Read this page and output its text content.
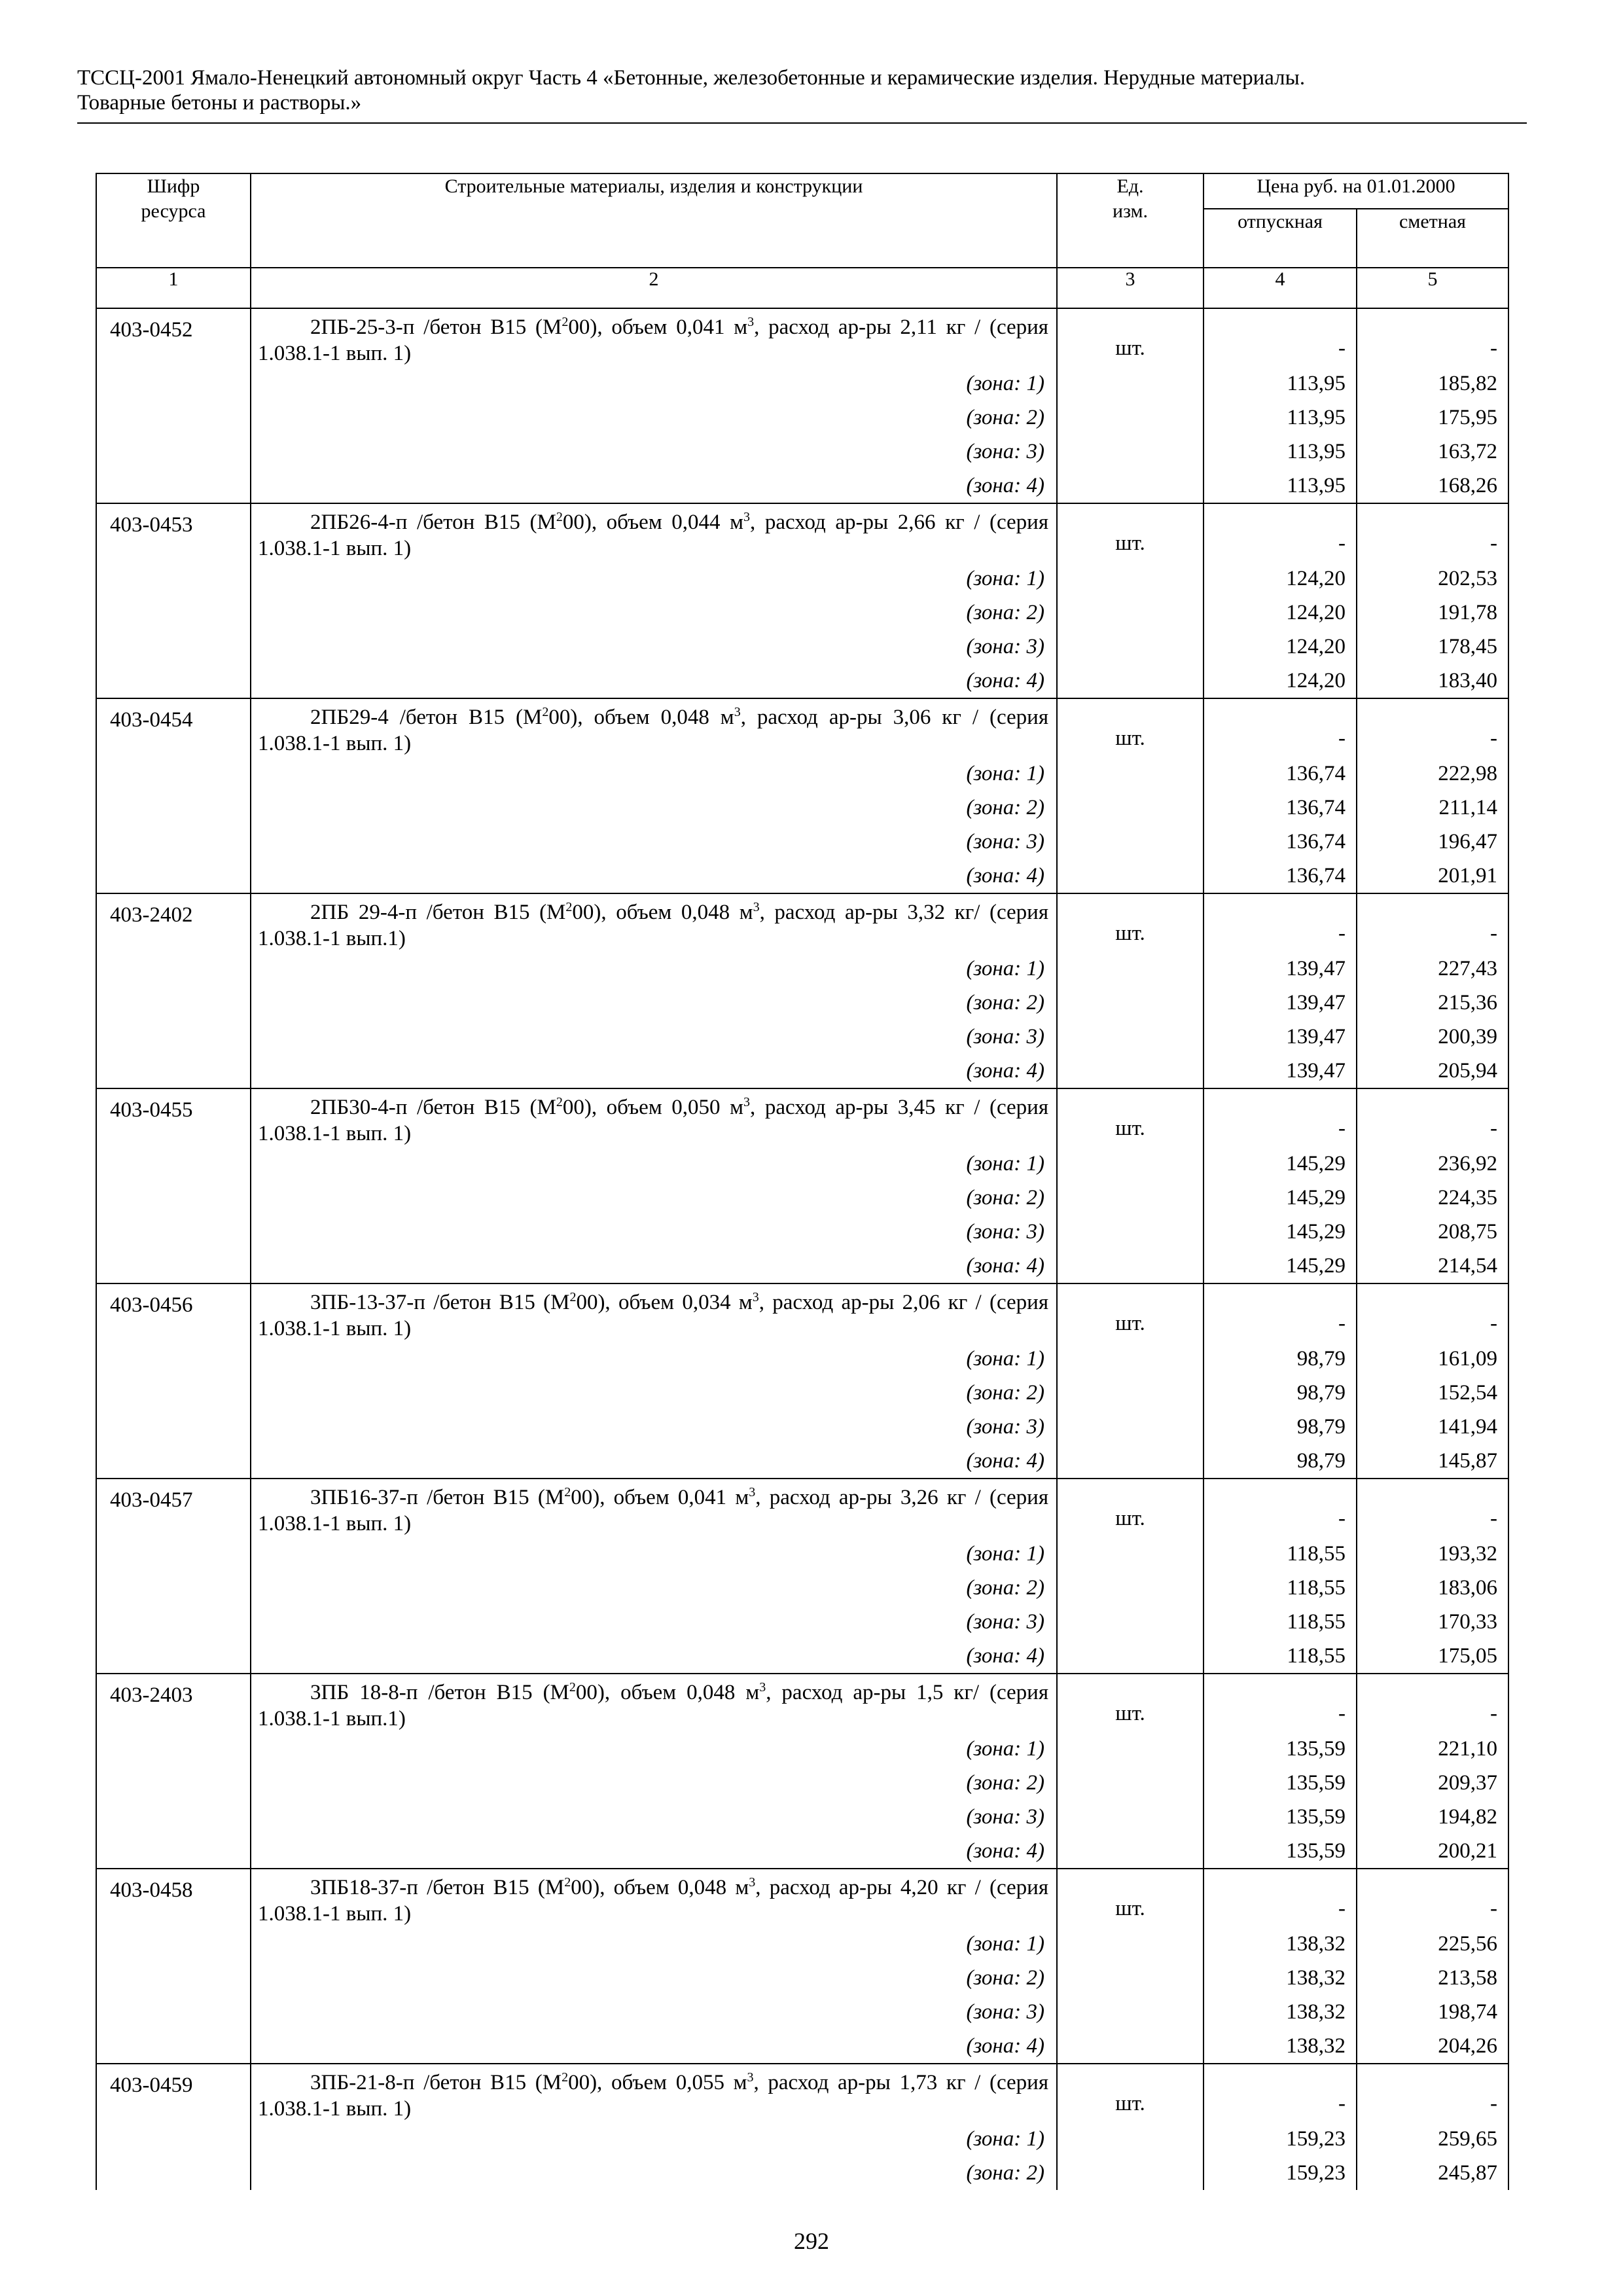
ТССЦ-2001 Ямало-Ненецкий автономный округ Часть 4 «Бетонные, железобетонные и керамические изделия. Нерудные материалы.
Товарные бетоны и растворы.»
Шифр ресурса	Строительные материалы, изделия и конструкции	Ед. изм.	Цена руб. на 01.01.2000	
			отпускная	сметная
1	2	3	4	5
403-0452	2ПБ-25-3-п /бетон В15 $(М^200)$, объем 0,041 $м^3$, расход ар-ры 2,11 кг / (серия 1.038.1-1 вып. 1)	шт.	-	-
	(зона: 1)		113,95	185,82
	(зона: 2)		113,95	175,95
	(зона: 3)		113,95	163,72
	(зона: 4)		113,95	168,26
403-0453	2ПБ26-4-п /бетон В15 $(М^200)$, объем 0,044 $м^3$, расход ар-ры 2,66 кг / (серия 1.038.1-1 вып. 1)	шт.	-	-
	(зона: 1)		124,20	202,53
	(зона: 2)		124,20	191,78
	(зона: 3)		124,20	178,45
	(зона: 4)		124,20	183,40
403-0454	2ПБ29-4 /бетон В15 $(М^200)$, объем 0,048 $м^3$, расход ар-ры 3,06 кг / (серия 1.038.1-1 вып. 1)	шт.	-	-
	(зона: 1)		136,74	222,98
	(зона: 2)		136,74	211,14
	(зона: 3)		136,74	196,47
	(зона: 4)		136,74	201,91
403-2402	2ПБ 29-4-п /бетон В15 $(М^200)$, объем 0,048 $м^3$, расход ар-ры 3,32 кг/ (серия 1.038.1-1 вып.1)	шт.	-	-
	(зона: 1)		139,47	227,43
	(зона: 2)		139,47	215,36
	(зона: 3)		139,47	200,39
	(зона: 4)		139,47	205,94
403-0455	2ПБ30-4-п /бетон В15 $(М^200)$, объем 0,050 $м^3$, расход ар-ры 3,45 кг / (серия 1.038.1-1 вып. 1)	шт.	-	-
	(зона: 1)		145,29	236,92
	(зона: 2)		145,29	224,35
	(зона: 3)		145,29	208,75
	(зона: 4)		145,29	214,54
403-0456	3ПБ-13-37-п /бетон В15 $(М^200)$, объем 0,034 $м^3$, расход ар-ры 2,06 кг / (серия 1.038.1-1 вып. 1)	шт.	-	-
	(зона: 1)		98,79	161,09
	(зона: 2)		98,79	152,54
	(зона: 3)		98,79	141,94
	(зона: 4)		98,79	145,87
403-0457	3ПБ16-37-п /бетон В15 $(М^200)$, объем 0,041 $м^3$, расход ар-ры 3,26 кг / (серия 1.038.1-1 вып. 1)	шт.	-	-
	(зона: 1)		118,55	193,32
	(зона: 2)		118,55	183,06
	(зона: 3)		118,55	170,33
	(зона: 4)		118,55	175,05
403-2403	3ПБ 18-8-п /бетон В15 $(М^200)$, объем 0,048 $м^3$, расход ар-ры 1,5 кг/ (серия 1.038.1-1 вып.1)	шт.	-	-
	(зона: 1)		135,59	221,10
	(зона: 2)		135,59	209,37
	(зона: 3)		135,59	194,82
	(зона: 4)		135,59	200,21
403-0458	3ПБ18-37-п /бетон В15 $(М^200)$, объем 0,048 $м^3$, расход ар-ры 4,20 кг / (серия 1.038.1-1 вып. 1)	шт.	-	-
	(зона: 1)		138,32	225,56
	(зона: 2)		138,32	213,58
	(зона: 3)		138,32	198,74
	(зона: 4)		138,32	204,26
403-0459	3ПБ-21-8-п /бетон В15 $(М^200)$, объем 0,055 $м^3$, расход ар-ры 1,73 кг / (серия 1.038.1-1 вып. 1)	шт.	-	-
	(зона: 1)		159,23	259,65
	(зона: 2)		159,23	245,87
292
